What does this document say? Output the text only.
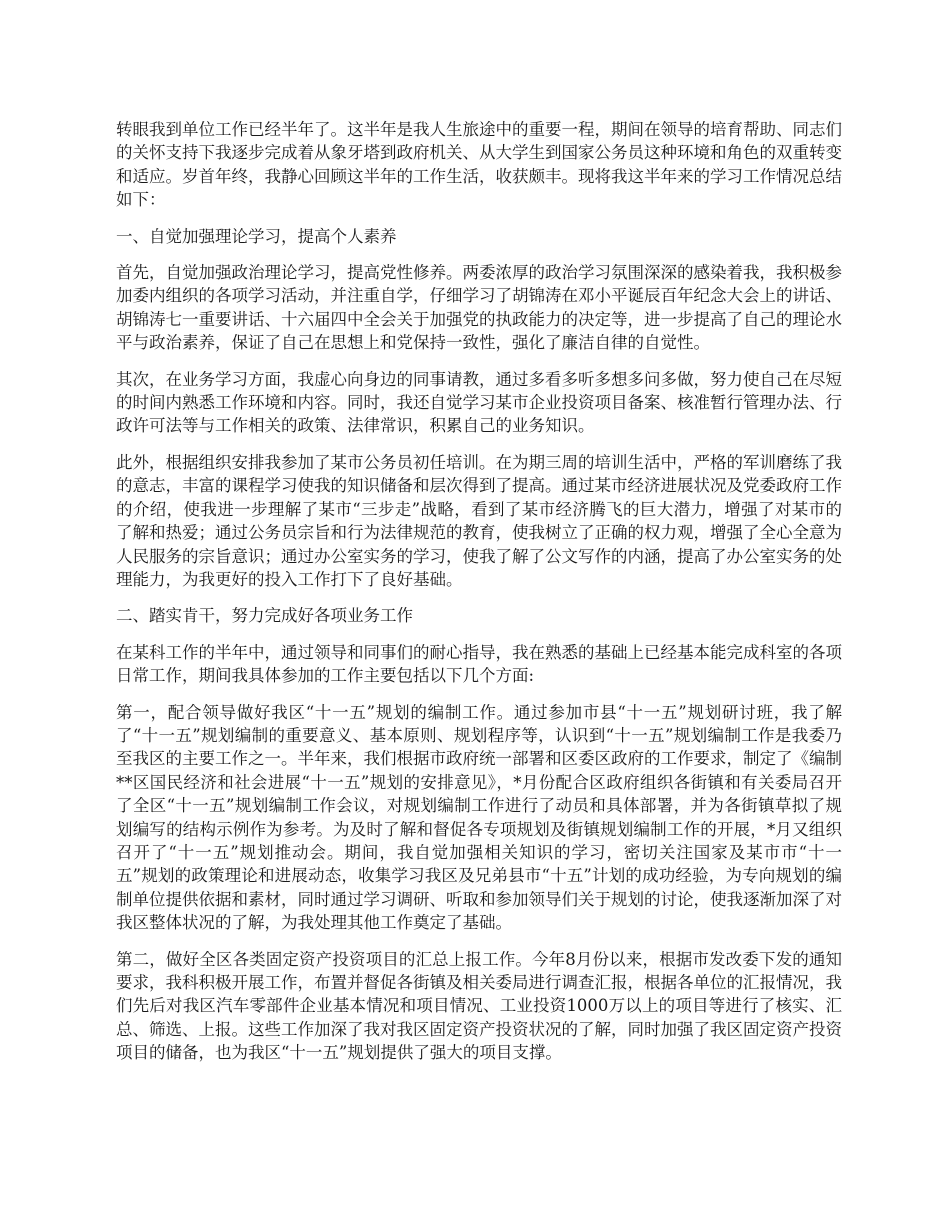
转眼我到单位工作已经半年了。这半年是我人生旅途中的重要一程，期间在领导的培育帮助、同志们的关怀支持下我逐步完成着从象牙塔到政府机关、从大学生到国家公务员这种环境和角色的双重转变和适应。岁首年终，我静心回顾这半年的工作生活，收获颇丰。现将我这半年来的学习工作情况总结如下：

一、自觉加强理论学习，提高个人素养

首先，自觉加强政治理论学习，提高党性修养。两委浓厚的政治学习氛围深深的感染着我，我积极参加委内组织的各项学习活动，并注重自学，仔细学习了胡锦涛在邓小平诞辰百年纪念大会上的讲话、胡锦涛七一重要讲话、十六届四中全会关于加强党的执政能力的决定等，进一步提高了自己的理论水平与政治素养，保证了自己在思想上和党保持一致性，强化了廉洁自律的自觉性。

其次，在业务学习方面，我虚心向身边的同事请教，通过多看多听多想多问多做，努力使自己在尽短的时间内熟悉工作环境和内容。同时，我还自觉学习某市企业投资项目备案、核准暂行管理办法、行政许可法等与工作相关的政策、法律常识，积累自己的业务知识。

此外，根据组织安排我参加了某市公务员初任培训。在为期三周的培训生活中，严格的军训磨练了我的意志，丰富的课程学习使我的知识储备和层次得到了提高。通过某市经济进展状况及党委政府工作的介绍，使我进一步理解了某市“三步走”战略，看到了某市经济腾飞的巨大潜力，增强了对某市的了解和热爱；通过公务员宗旨和行为法律规范的教育，使我树立了正确的权力观，增强了全心全意为人民服务的宗旨意识；通过办公室实务的学习，使我了解了公文写作的内涵，提高了办公室实务的处理能力，为我更好的投入工作打下了良好基础。

二、踏实肯干，努力完成好各项业务工作

在某科工作的半年中，通过领导和同事们的耐心指导，我在熟悉的基础上已经基本能完成科室的各项日常工作，期间我具体参加的工作主要包括以下几个方面:

第一，配合领导做好我区“十一五”规划的编制工作。通过参加市县“十一五”规划研讨班，我了解了“十一五”规划编制的重要意义、基本原则、规划程序等，认识到“十一五”规划编制工作是我委乃至我区的主要工作之一。半年来，我们根据市政府统一部署和区委区政府的工作要求，制定了《编制**区国民经济和社会进展“十一五”规划的安排意见》，*月份配合区政府组织各街镇和有关委局召开了全区“十一五”规划编制工作会议，对规划编制工作进行了动员和具体部署，并为各街镇草拟了规划编写的结构示例作为参考。为及时了解和督促各专项规划及街镇规划编制工作的开展，*月又组织召开了“十一五”规划推动会。期间，我自觉加强相关知识的学习，密切关注国家及某市市“十一五”规划的政策理论和进展动态，收集学习我区及兄弟县市“十五”计划的成功经验，为专向规划的编制单位提供依据和素材，同时通过学习调研、听取和参加领导们关于规划的讨论，使我逐渐加深了对我区整体状况的了解，为我处理其他工作奠定了基础。

第二，做好全区各类固定资产投资项目的汇总上报工作。今年8月份以来，根据市发改委下发的通知要求，我科积极开展工作，布置并督促各街镇及相关委局进行调查汇报，根据各单位的汇报情况，我们先后对我区汽车零部件企业基本情况和项目情况、工业投资1000万以上的项目等进行了核实、汇总、筛选、上报。这些工作加深了我对我区固定资产投资状况的了解，同时加强了我区固定资产投资项目的储备，也为我区“十一五”规划提供了强大的项目支撑。
